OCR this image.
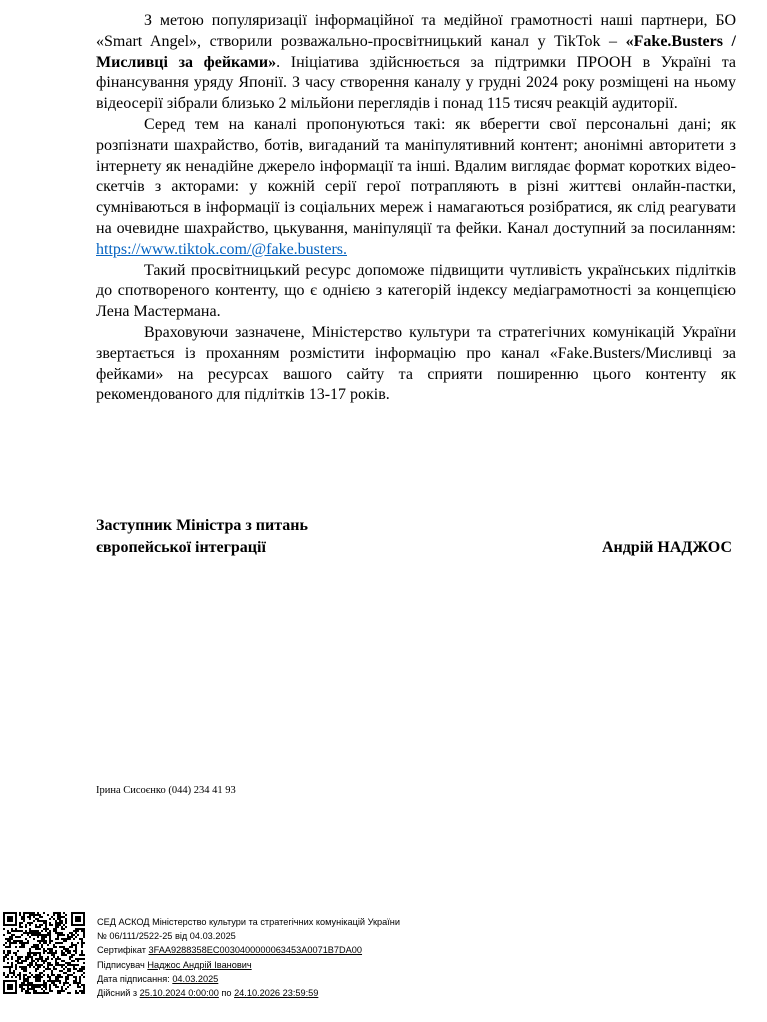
З метою популяризації інформаційної та медійної грамотності наші партнери, БО «Smart Angel», створили розважально-просвітницький канал у TikTok – «Fake.Busters /Мисливці за фейками». Ініціатива здійснюється за підтримки ПРООН в Україні та фінансування уряду Японії. З часу створення каналу у грудні 2024 року розміщені на ньому відеосерії зібрали близько 2 мільйони переглядів і понад 115 тисяч реакцій аудиторії.

Серед тем на каналі пропонуються такі: як вберегти свої персональні дані; як розпізнати шахрайство, ботів, вигаданий та маніпулятивний контент; анонімні авторитети з інтернету як ненадійне джерело інформації та інші. Вдалим виглядає формат коротких відео-скетчів з акторами: у кожній серії герої потрапляють в різні життєві онлайн-пастки, сумніваються в інформації із соціальних мереж і намагаються розібратися, як слід реагувати на очевидне шахрайство, цькування, маніпуляції та фейки. Канал доступний за посиланням: https://www.tiktok.com/@fake.busters.

Такий просвітницький ресурс допоможе підвищити чутливість українських підлітків до спотвореного контенту, що є однією з категорій індексу медіаграмотності за концепцією Лена Мастермана.

Враховуючи зазначене, Міністерство культури та стратегічних комунікацій України звертається із проханням розмістити інформацію про канал «Fake.Busters/Мисливці за фейками» на ресурсах вашого сайту та сприяти поширенню цього контенту як рекомендованого для підлітків 13-17 років.

Заступник Міністра з питань
європейської інтеграції	Андрій НАДЖОС
Ірина Сисоєнко (044) 234 41 93
СЕД АСКОД Міністерство культури та стратегічних комунікацій України
№ 06/111/2522-25 від 04.03.2025
Сертифікат 3FAA9288358EC0030400000063453A0071B7DA00
Підписувач Наджос Андрій Іванович
Дата підписання: 04.03.2025
Дійсний з 25.10.2024 0:00:00 по 24.10.2026 23:59:59
